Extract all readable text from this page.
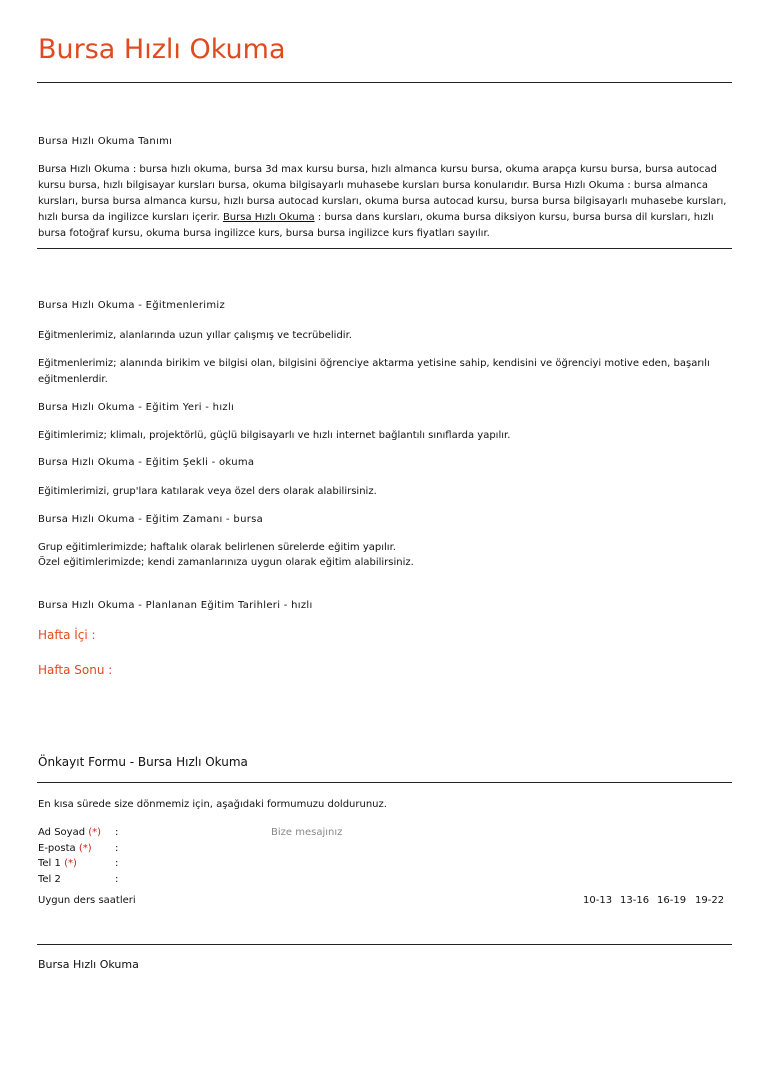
Bursa Hızlı Okuma
Bursa Hızlı Okuma Tanımı
Bursa Hızlı Okuma : bursa hızlı okuma, bursa 3d max kursu bursa, hızlı almanca kursu bursa, okuma arapça kursu bursa, bursa autocad kursu bursa, hızlı bilgisayar kursları bursa, okuma bilgisayarlı muhasebe kursları bursa konularıdır. Bursa Hızlı Okuma : bursa almanca kursları, bursa bursa almanca kursu, hızlı bursa autocad kursları, okuma bursa autocad kursu, bursa bursa bilgisayarlı muhasebe kursları, hızlı bursa da ingilizce kursları içerir. Bursa Hızlı Okuma : bursa dans kursları, okuma bursa diksiyon kursu, bursa bursa dil kursları, hızlı bursa fotoğraf kursu, okuma bursa ingilizce kurs, bursa bursa ingilizce kurs fiyatları sayılır.
Bursa Hızlı Okuma - Eğitmenlerimiz
Eğitmenlerimiz, alanlarında uzun yıllar çalışmış ve tecrübelidir.
Eğitmenlerimiz; alanında birikim ve bilgisi olan, bilgisini öğrenciye aktarma yetisine sahip, kendisini ve öğrenciyi motive eden, başarılı eğitmenlerdir.
Bursa Hızlı Okuma - Eğitim Yeri - hızlı
Eğitimlerimiz; klimalı, projektörlü, güçlü bilgisayarlı ve hızlı internet bağlantılı sınıflarda yapılır.
Bursa Hızlı Okuma - Eğitim Şekli - okuma
Eğitimlerimizi, grup'lara katılarak veya özel ders olarak alabilirsiniz.
Bursa Hızlı Okuma - Eğitim Zamanı - bursa
Grup eğitimlerimizde; haftalık olarak belirlenen sürelerde eğitim yapılır.
Özel eğitimlerimizde; kendi zamanlarınıza uygun olarak eğitim alabilirsiniz.
Bursa Hızlı Okuma - Planlanan Eğitim Tarihleri - hızlı
Hafta İçi :
Hafta Sonu :
Önkayıt Formu - Bursa Hızlı Okuma
En kısa sürede size dönmemiz için, aşağıdaki formumuzu doldurunuz.
Ad Soyad (*) :
E-posta (*) :
Tel 1 (*)	:
Tel 2	:
Bize mesajınız
Uygun ders saatleri	10-13 13-16 16-19 19-22
Bursa Hızlı Okuma
